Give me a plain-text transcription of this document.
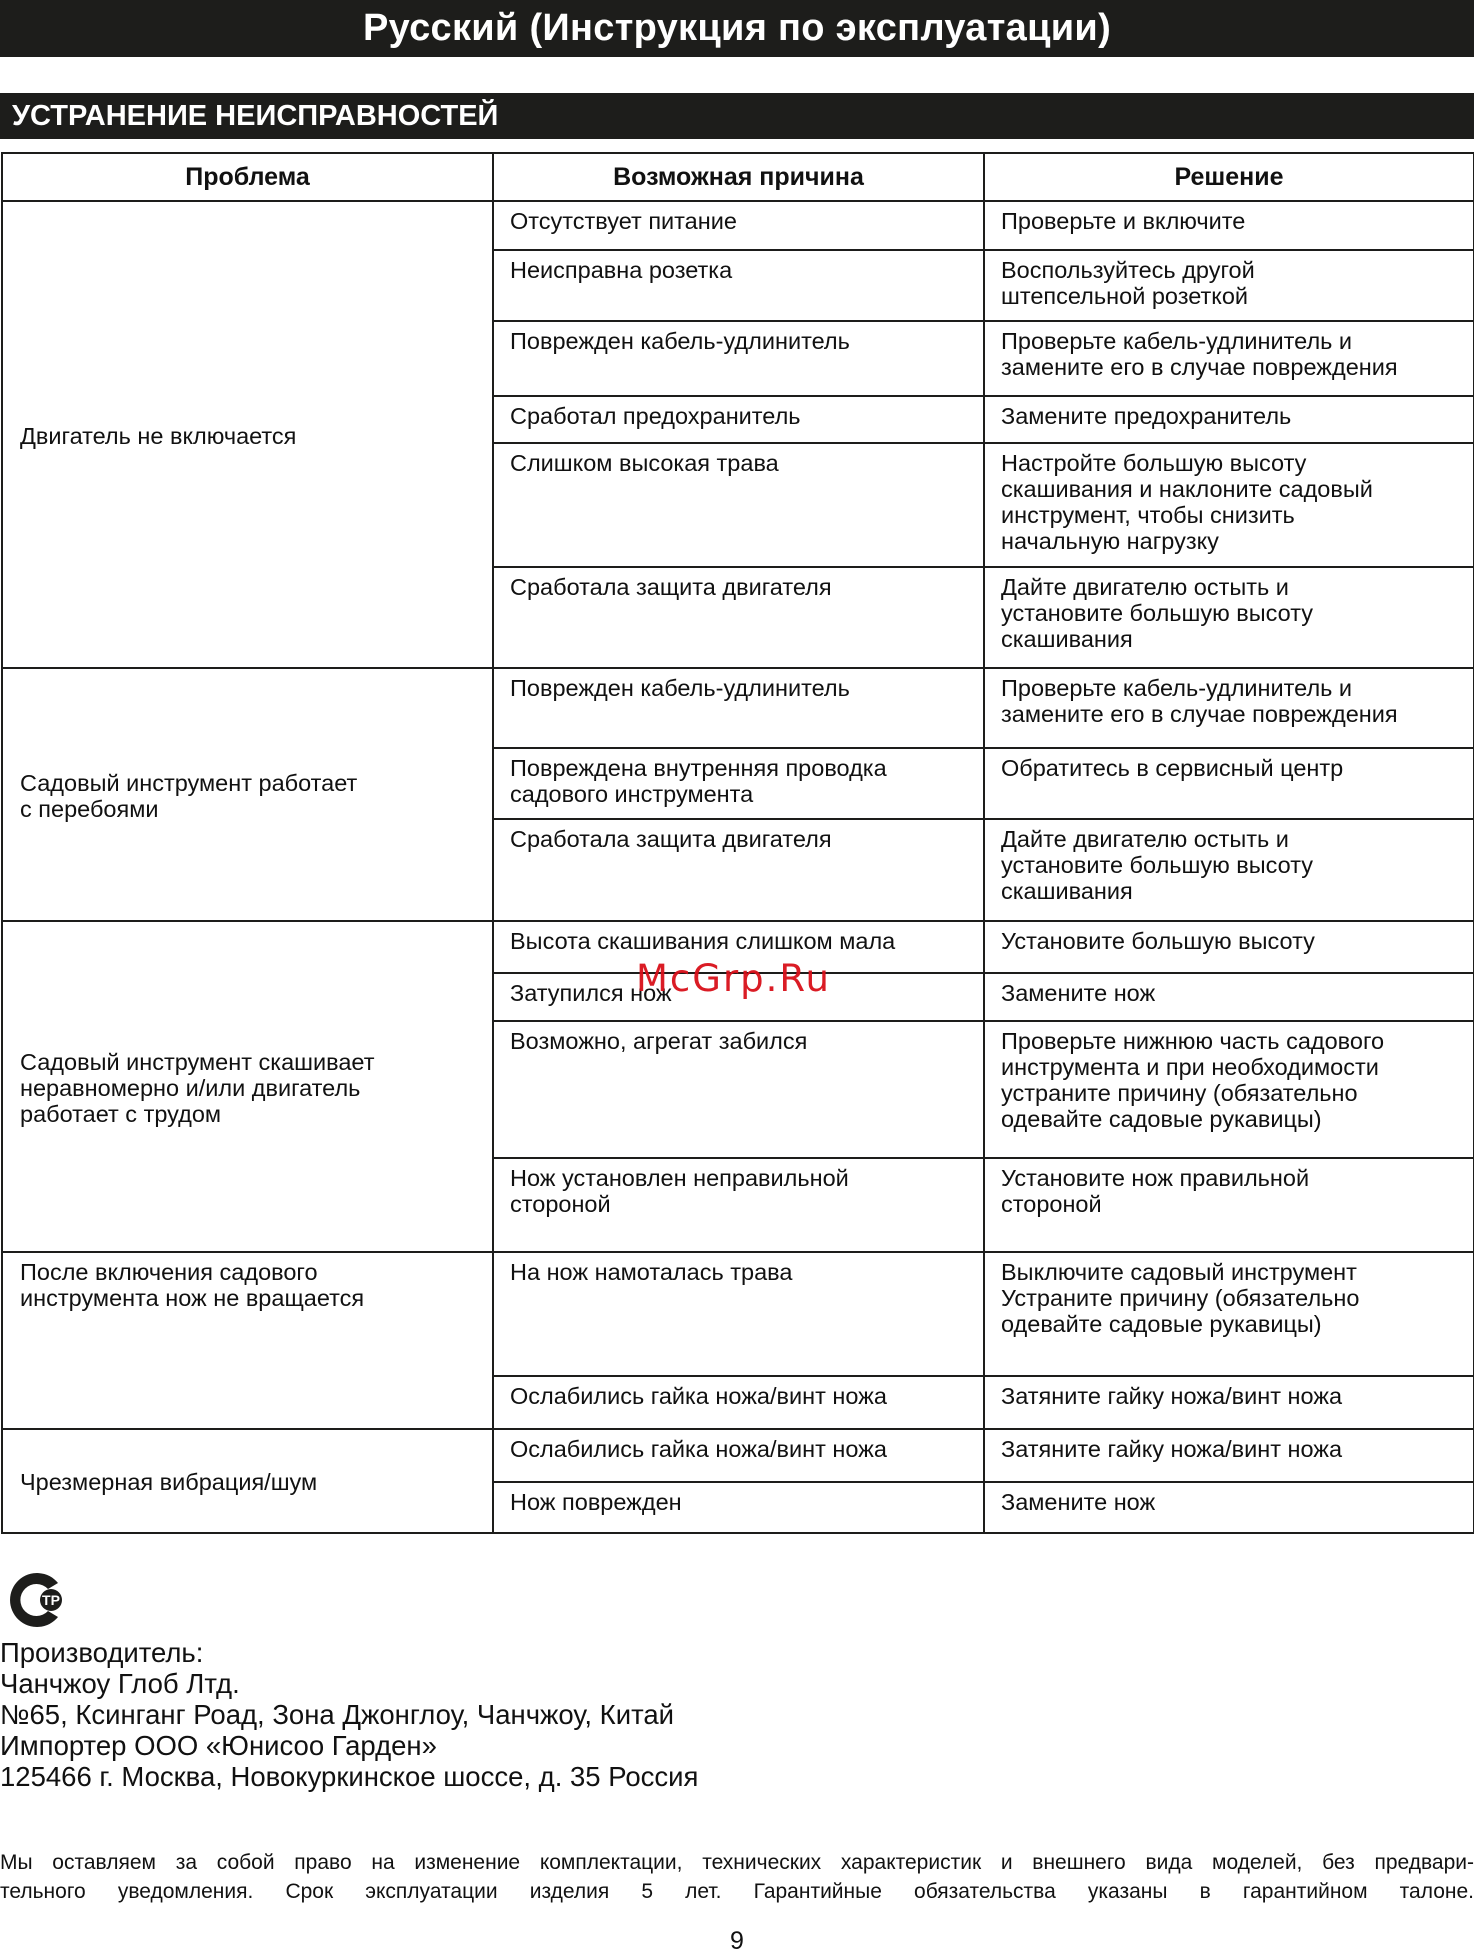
Русский (Инструкция по эксплуатации)
УСТРАНЕНИЕ НЕИСПРАВНОСТЕЙ
Проблема	Возможная причина	Решение
Двигатель не включается	Отсутствует питание	Проверьте и включите
	Неисправна розетка	Воспользуйтесь другой
штепсельной розеткой
	Поврежден кабель-удлинитель	Проверьте кабель-удлинитель и
замените его в случае повреждения
	Сработал предохранитель	Замените предохранитель
	Слишком высокая трава	Настройте большую высоту
скашивания и наклоните садовый
инструмент, чтобы снизить
начальную нагрузку
	Сработала защита двигателя	Дайте двигателю остыть и
установите большую высоту
скашивания
Садовый инструмент работает
с перебоями	Поврежден кабель-удлинитель	Проверьте кабель-удлинитель и
замените его в случае повреждения
	Повреждена внутренняя проводка
садового инструмента	Обратитесь в сервисный центр
	Сработала защита двигателя	Дайте двигателю остыть и
установите большую высоту
скашивания
Садовый инструмент скашивает
неравномерно и/или двигатель
работает с трудом	Высота скашивания слишком мала	Установите большую высоту
	Затупился нож	Замените нож
	Возможно, агрегат забился	Проверьте нижнюю часть садового
инструмента и при необходимости
устраните причину (обязательно
одевайте садовые рукавицы)
	Нож установлен неправильной
стороной	Установите нож правильной
стороной
После включения садового
инструмента нож не вращается	На нож намоталась трава	Выключите садовый инструмент
Устраните причину (обязательно
одевайте садовые рукавицы)
	Ослабились гайка ножа/винт ножа	Затяните гайку ножа/винт ножа
Чрезмерная вибрация/шум	Ослабились гайка ножа/винт ножа	Затяните гайку ножа/винт ножа
	Нож поврежден	Замените нож
McGrp.Ru
ТР
Производитель:
Чанчжоу Глоб Лтд.
№65, Ксинганг Роад, Зона Джонглоу, Чанчжоу, Китай
Импортер ООО «Юнисоо Гарден»
125466 г. Москва, Новокуркинское шоссе, д. 35 Россия
Мы оставляем за собой право на изменение комплектации, технических характеристик и внешнего вида моделей, без предвари-
тельного уведомления. Срок эксплуатации изделия 5 лет. Гарантийные обязательства указаны в гарантийном талоне.
9
